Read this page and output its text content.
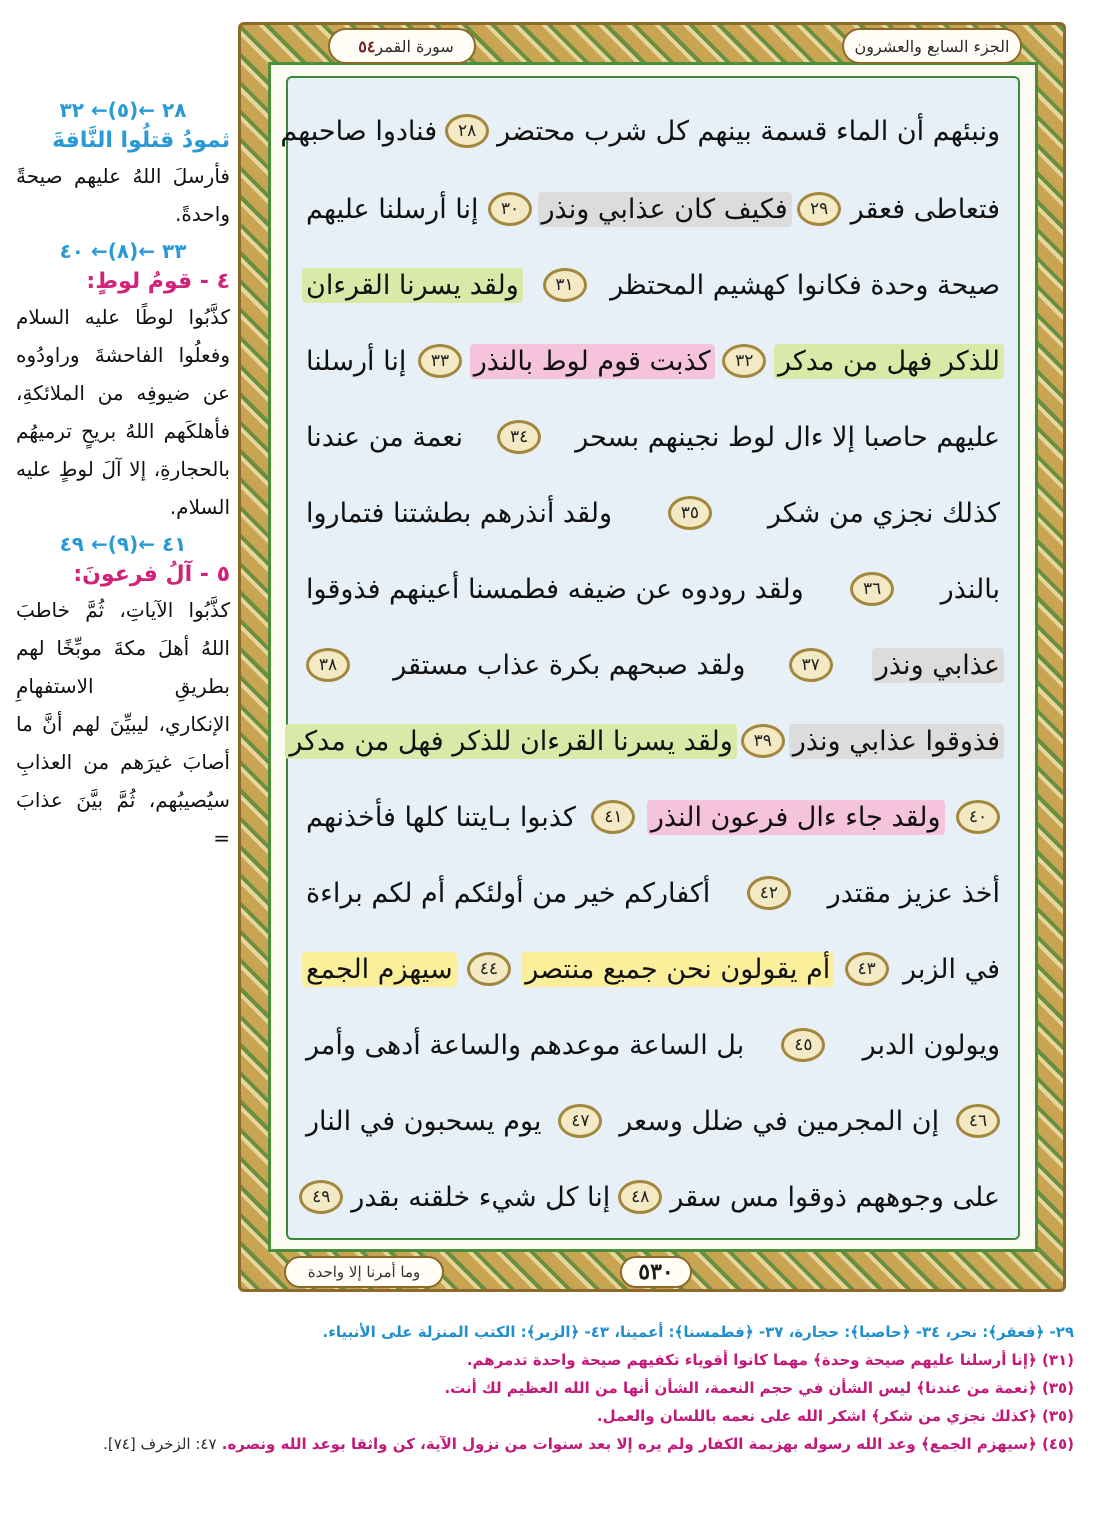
الجزء السابع والعشرون
سورة القمر
٥٤
٥٣٠
وما أمرنا إلا واحدة
ونبئهم أن الماء قسمة بينهم كل شرب محتضر
٢٨
فنادوا صاحبهم
فتعاطى فعقر
٢٩
فكيف كان عذابي ونذر
٣٠
إنا أرسلنا عليهم
صيحة وحدة فكانوا كهشيم المحتظر
٣١
ولقد يسرنا القرءان
للذكر فهل من مدكر
٣٢
كذبت قوم لوط بالنذر
٣٣
إنا أرسلنا
عليهم حاصبا إلا ءال لوط نجينهم بسحر
٣٤
نعمة من عندنا
كذلك نجزي من شكر
٣٥
ولقد أنذرهم بطشتنا فتماروا
بالنذر
٣٦
ولقد رودوه عن ضيفه فطمسنا أعينهم فذوقوا
عذابي ونذر
٣٧
ولقد صبحهم بكرة عذاب مستقر
٣٨
فذوقوا عذابي ونذر
٣٩
ولقد يسرنا القرءان للذكر فهل من مدكر
٤٠
ولقد جاء ءال فرعون النذر
٤١
كذبوا بـايتنا كلها فأخذنهم
أخذ عزيز مقتدر
٤٢
أكفاركم خير من أولئكم أم لكم براءة
في الزبر
٤٣
أم يقولون نحن جميع منتصر
٤٤
سيهزم الجمع
ويولون الدبر
٤٥
بل الساعة موعدهم والساعة أدهى وأمر
٤٦
إن المجرمين في ضلل وسعر
٤٧
يوم يسحبون في النار
على وجوههم ذوقوا مس سقر
٤٨
إنا كل شيء خلقنه بقدر
٤٩
٢٨ ←(٥)← ٣٢
ثمودُ قتلُوا النَّاقةَ
فأرسلَ اللهُ عليهم صيحةً واحدةً.
٣٣ ←(٨)← ٤٠
٤ - قومُ لوطٍ:
كذَّبُوا لوطًا عليه السلام وفعلُوا الفاحشةَ وراودُوه عن ضيوفِه من الملائكةِ، فأهلكَهم اللهُ بريحٍ ترميهُم بالحجارةِ، إلا آلَ لوطٍ عليه السلام.
٤١ ←(٩)← ٤٩
٥ - آلُ فرعونَ:
كذَّبُوا الآياتِ، ثُمَّ خاطبَ اللهُ أهلَ مكةَ موبِّخًا لهم بطريقِ الاستفهامِ الإنكاري، ليبيِّنَ لهم أنَّ ما أصابَ غيرَهم من العذابِ سيُصيبُهم، ثُمَّ بيَّنَ عذابَ =
٢٩- ﴿فعقر﴾: نحر، ٣٤- ﴿حاصبا﴾: حجارة، ٣٧- ﴿فطمسنا﴾: أعمينا، ٤٣- ﴿الزبر﴾: الكتب المنزلة على الأنبياء.
(٣١) ﴿إنا أرسلنا عليهم صيحة وحدة﴾ مهما كانوا أقوياء تكفيهم صيحة واحدة تدمرهم.
(٣٥) ﴿نعمة من عندنا﴾ ليس الشأن في حجم النعمة، الشأن أنها من الله العظيم لك أنت.
(٣٥) ﴿كذلك نجزي من شكر﴾ اشكر الله على نعمه باللسان والعمل.
(٤٥) ﴿سيهزم الجمع﴾ وعد الله رسوله بهزيمة الكفار ولم يره إلا بعد سنوات من نزول الآية، كن واثقا بوعد الله ونصره. ٤٧: الزخرف [٧٤].
